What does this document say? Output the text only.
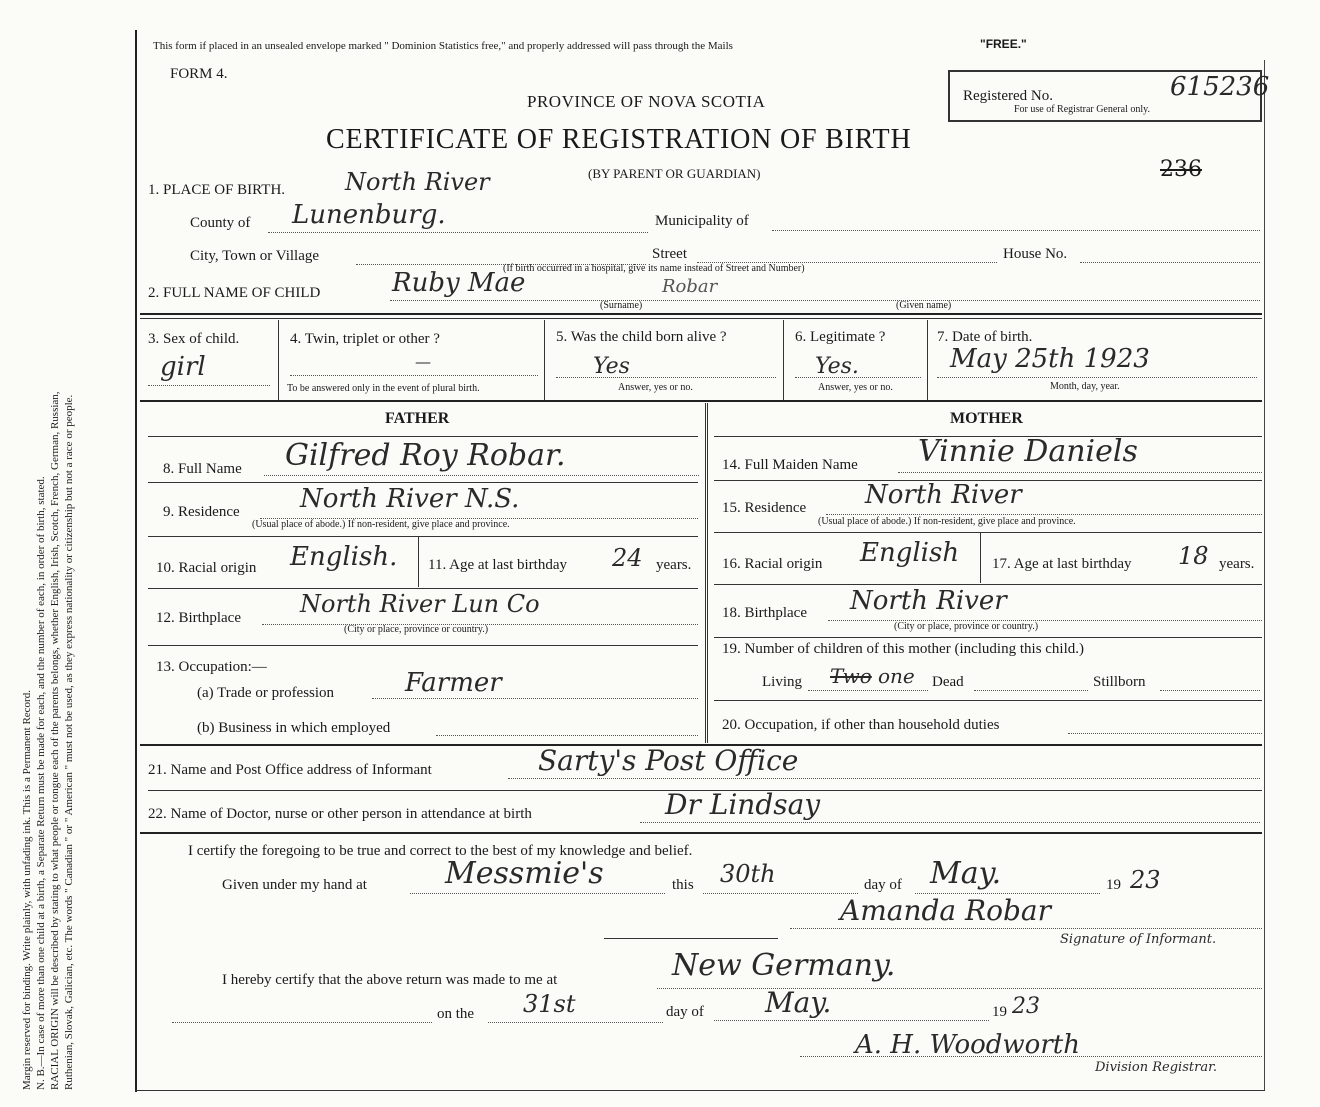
Margin reserved for binding. Write plainly, with unfading ink. This is a Permanent Record. N. B.—In case of more than one child at a birth, a Separate Return must be made for each, and the number of each, in order of birth, stated. RACIAL ORIGIN will be described by stating to what people or tongue each of the parents belongs, whether English, Irish, Scotch, French, German, Russian, Ruthenian, Slovak, Galician, etc. The words " Canadian " or " American " must not be used, as they express nationality or citizenship but not a race or people.
This form if placed in an unsealed envelope marked " Dominion Statistics free," and properly addressed will pass through the Mails	"FREE."
FORM 4.
PROVINCE OF NOVA SCOTIA
CERTIFICATE OF REGISTRATION OF BIRTH
(BY PARENT OR GUARDIAN)
Registered No.
For use of Registrar General only.
615236
236
1. PLACE OF BIRTH. North River
County of Lunenburg.	Municipality of
City, Town or Village	Street	House No.
(If birth occurred in a hospital, give its name instead of Street and Number)
2. FULL NAME OF CHILD	Ruby Mae	Robar
(Surname)	(Given name)
3. Sex of child.
girl
4. Twin, triplet or other ?
—
To be answered only in the event of plural birth.
5. Was the child born alive ?
Yes
Answer, yes or no.
6. Legitimate ?
Yes.
Answer, yes or no.
7. Date of birth.
May 25th 1923
Month, day, year.
FATHER	MOTHER
8. Full Name Gilfred Roy Robar.
9. Residence North River N.S.
(Usual place of abode.) If non-resident, give place and province.
10. Racial origin English. 11. Age at last birthday 24 years.
12. Birthplace North River Lun Co
(City or place, province or country.)
13. Occupation:—
(a) Trade or profession	Farmer
(b) Business in which employed
14. Full Maiden Name Vinnie Daniels
15. Residence North River
(Usual place of abode.) If non-resident, give place and province.
16. Racial origin English 17. Age at last birthday 18 years.
18. Birthplace North River
(City or place, province or country.)
19. Number of children of this mother (including this child.)
Living Two one Dead	Stillborn
20. Occupation, if other than household duties
21. Name and Post Office address of Informant	Sarty's Post Office
22. Name of Doctor, nurse or other person in attendance at birth	Dr Lindsay
I certify the foregoing to be true and correct to the best of my knowledge and belief.
Given under my hand at	Messmie's	this 30th	day of May.	19 23
Amanda Robar
Signature of Informant.
I hereby certify that the above return was made to me at	New Germany.
on the 31st	day of May.	19 23
A. H. Woodworth
Division Registrar.
